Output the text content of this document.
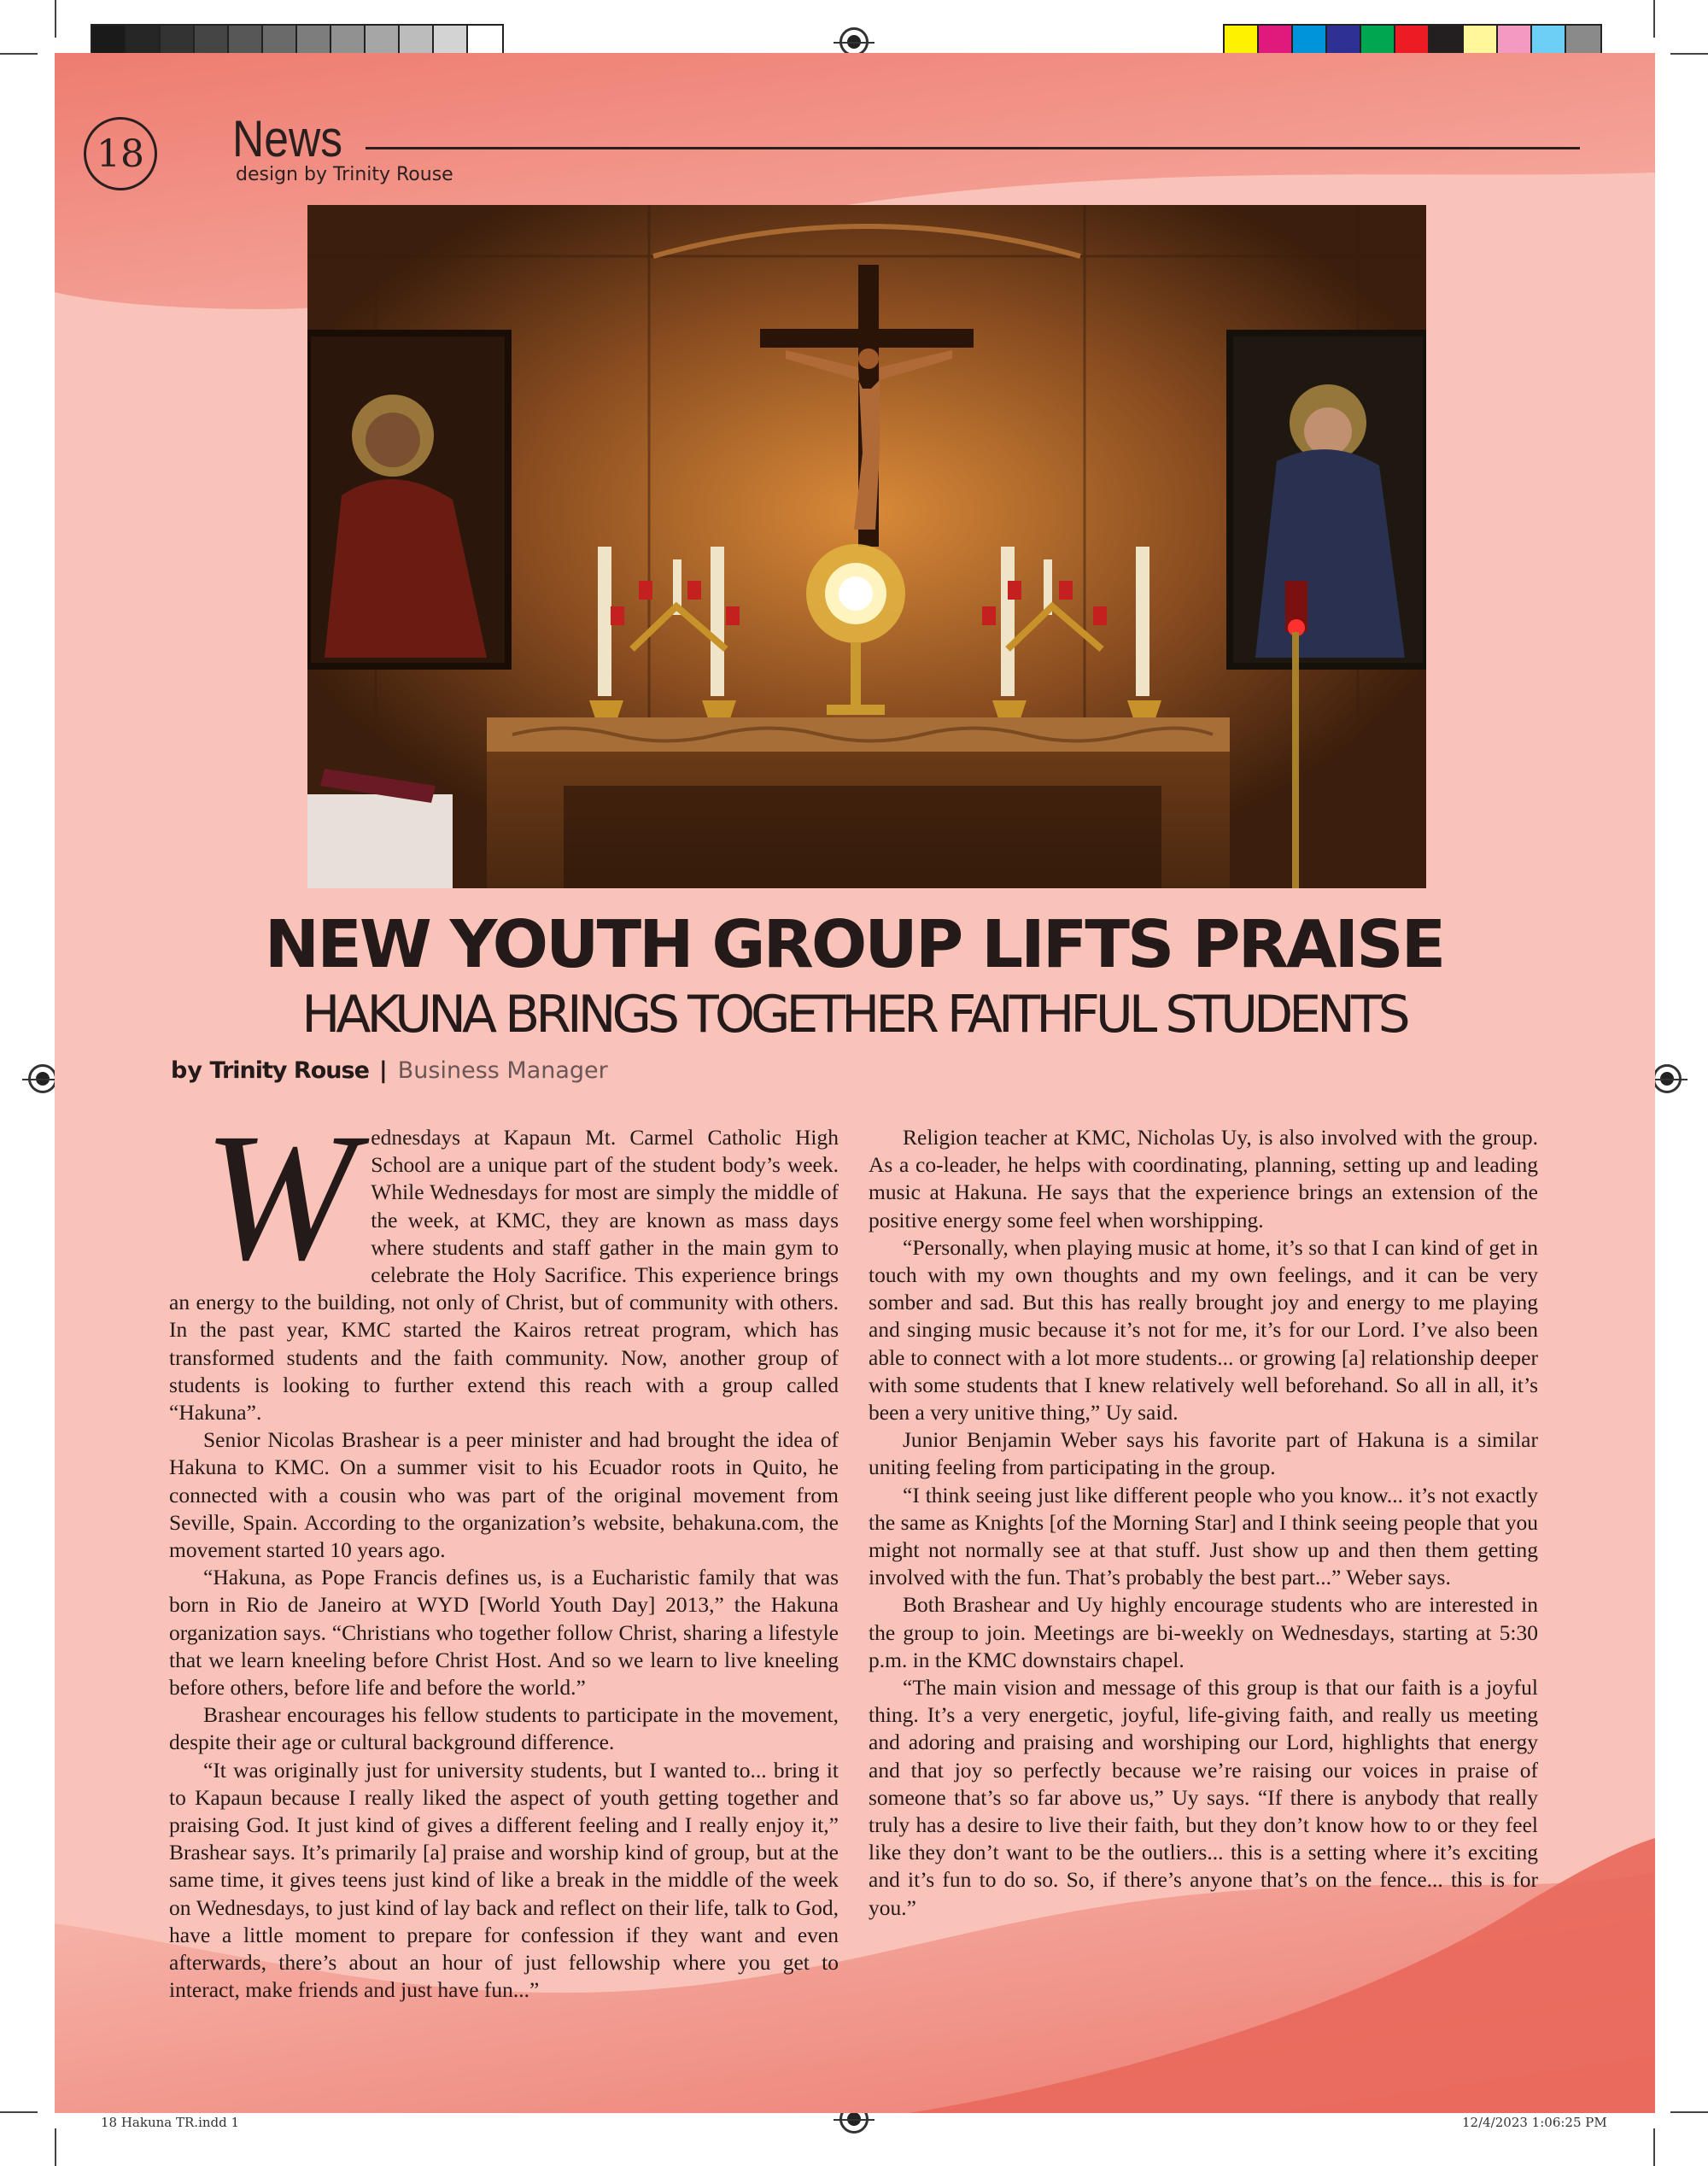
18 News
design by Trinity Rouse
NEW YOUTH GROUP LIFTS PRAISE
HAKUNA BRINGS TOGETHER FAITHFUL STUDENTS
by Trinity Rouse | Business Manager
W ednesdays at Kapaun Mt. Carmel Catholic High School are a unique part of the student body’s week. While Wednesdays for most are simply the middle of the week, at KMC, they are known as mass days where students and staff gather in the main gym to celebrate the Holy Sacrifice. This experience brings an energy to the building, not only of Christ, but of community with others. In the past year, KMC started the Kairos retreat program, which has transformed students and the faith community. Now, another group of students is looking to further extend this reach with a group called “Hakuna”.

Senior Nicolas Brashear is a peer minister and had brought the idea of Hakuna to KMC. On a summer visit to his Ecuador roots in Quito, he connected with a cousin who was part of the original movement from Seville, Spain. According to the organization’s website, behakuna.com, the movement started 10 years ago.

“Hakuna, as Pope Francis defines us, is a Eucharistic family that was born in Rio de Janeiro at WYD [World Youth Day] 2013,” the Hakuna organization says. “Christians who together follow Christ, sharing a lifestyle that we learn kneeling before Christ Host. And so we learn to live kneeling before others, before life and before the world.”

Brashear encourages his fellow students to participate in the movement, despite their age or cultural background difference.

“It was originally just for university students, but I wanted to... bring it to Kapaun because I really liked the aspect of youth getting together and praising God. It just kind of gives a different feeling and I really enjoy it,” Brashear says. It’s primarily [a] praise and worship kind of group, but at the same time, it gives teens just kind of like a break in the middle of the week on Wednesdays, to just kind of lay back and reflect on their life, talk to God, have a little moment to prepare for confession if they want and even afterwards, there’s about an hour of just fellowship where you get to interact, make friends and just have fun...”

Religion teacher at KMC, Nicholas Uy, is also involved with the group. As a co-leader, he helps with coordinating, planning, setting up and leading music at Hakuna. He says that the experience brings an extension of the positive energy some feel when worshipping.

“Personally, when playing music at home, it’s so that I can kind of get in touch with my own thoughts and my own feelings, and it can be very somber and sad. But this has really brought joy and energy to me playing and singing music because it’s not for me, it’s for our Lord. I’ve also been able to connect with a lot more students... or growing [a] relationship deeper with some students that I knew relatively well beforehand. So all in all, it’s been a very unitive thing,” Uy said.

Junior Benjamin Weber says his favorite part of Hakuna is a similar uniting feeling from participating in the group.

“I think seeing just like different people who you know... it’s not exactly the same as Knights [of the Morning Star] and I think seeing people that you might not normally see at that stuff. Just show up and then them getting involved with the fun. That’s probably the best part...” Weber says.

Both Brashear and Uy highly encourage students who are interested in the group to join. Meetings are bi-weekly on Wednesdays, starting at 5:30 p.m. in the KMC downstairs chapel.

“The main vision and message of this group is that our faith is a joyful thing. It’s a very energetic, joyful, life-giving faith, and really us meeting and adoring and praising and worshiping our Lord, highlights that energy and that joy so perfectly because we’re raising our voices in praise of someone that’s so far above us,” Uy says. “If there is anybody that really truly has a desire to live their faith, but they don’t know how to or they feel like they don’t want to be the outliers... this is a setting where it’s exciting and it’s fun to do so. So, if there’s anyone that’s on the fence... this is for you.”

18 Hakuna TR.indd 1	12/4/2023 1:06:25 PM
